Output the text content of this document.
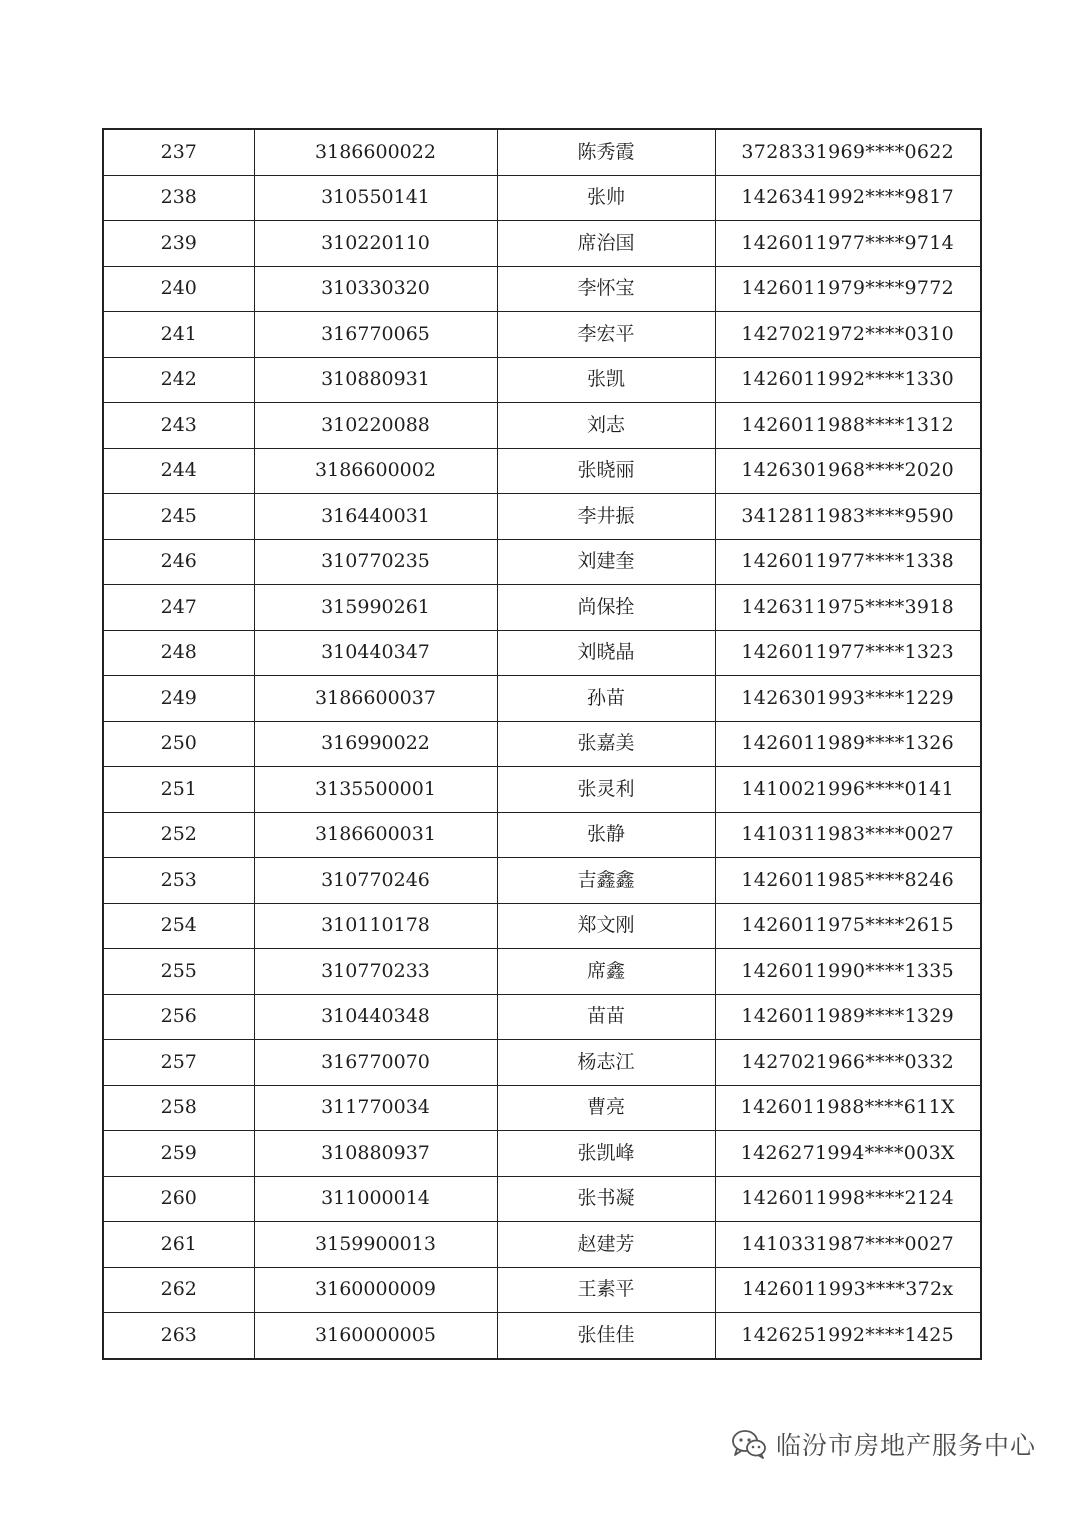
237	3186600022	陈秀霞	3728331969****0622
238	310550141	张帅	1426341992****9817
239	310220110	席治国	1426011977****9714
240	310330320	李怀宝	1426011979****9772
241	316770065	李宏平	1427021972****0310
242	310880931	张凯	1426011992****1330
243	310220088	刘志	1426011988****1312
244	3186600002	张晓丽	1426301968****2020
245	316440031	李井振	3412811983****9590
246	310770235	刘建奎	1426011977****1338
247	315990261	尚保拴	1426311975****3918
248	310440347	刘晓晶	1426011977****1323
249	3186600037	孙苗	1426301993****1229
250	316990022	张嘉美	1426011989****1326
251	3135500001	张灵利	1410021996****0141
252	3186600031	张静	1410311983****0027
253	310770246	吉鑫鑫	1426011985****8246
254	310110178	郑文刚	1426011975****2615
255	310770233	席鑫	1426011990****1335
256	310440348	苗苗	1426011989****1329
257	316770070	杨志江	1427021966****0332
258	311770034	曹亮	1426011988****611X
259	310880937	张凯峰	1426271994****003X
260	311000014	张书凝	1426011998****2124
261	3159900013	赵建芳	1410331987****0027
262	3160000009	王素平	1426011993****372x
263	3160000005	张佳佳	1426251992****1425
临汾市房地产服务中心
